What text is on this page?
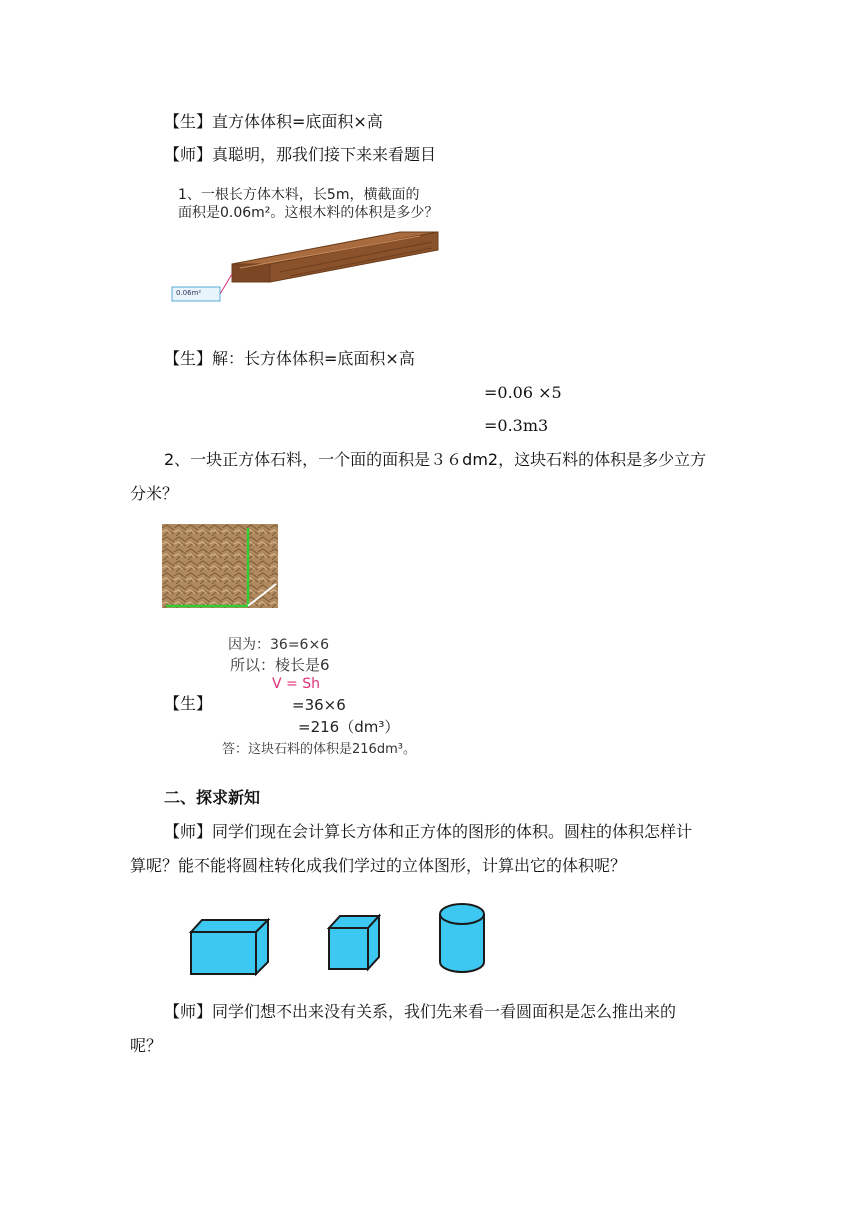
【生】直方体体积=底面积×高
【师】真聪明，那我们接下来来看题目
1、一根长方体木料，长5m，横截面的
面积是0.06m²。这根木料的体积是多少？
0.06m²
【生】解：长方体体积=底面积×高
=0.06 ×5
=0.3m3
2、一块正方体石料，一个面的面积是３６dm2，这块石料的体积是多少立方
分米？
【生】
因为：36=6×6
所以：棱长是6
V = Sh
=36×6
=216（dm³）
答：这块石料的体积是216dm³。
二、探求新知
【师】同学们现在会计算长方体和正方体的图形的体积。圆柱的体积怎样计
算呢？能不能将圆柱转化成我们学过的立体图形，计算出它的体积呢？
【师】同学们想不出来没有关系，我们先来看一看圆面积是怎么推出来的
呢？
